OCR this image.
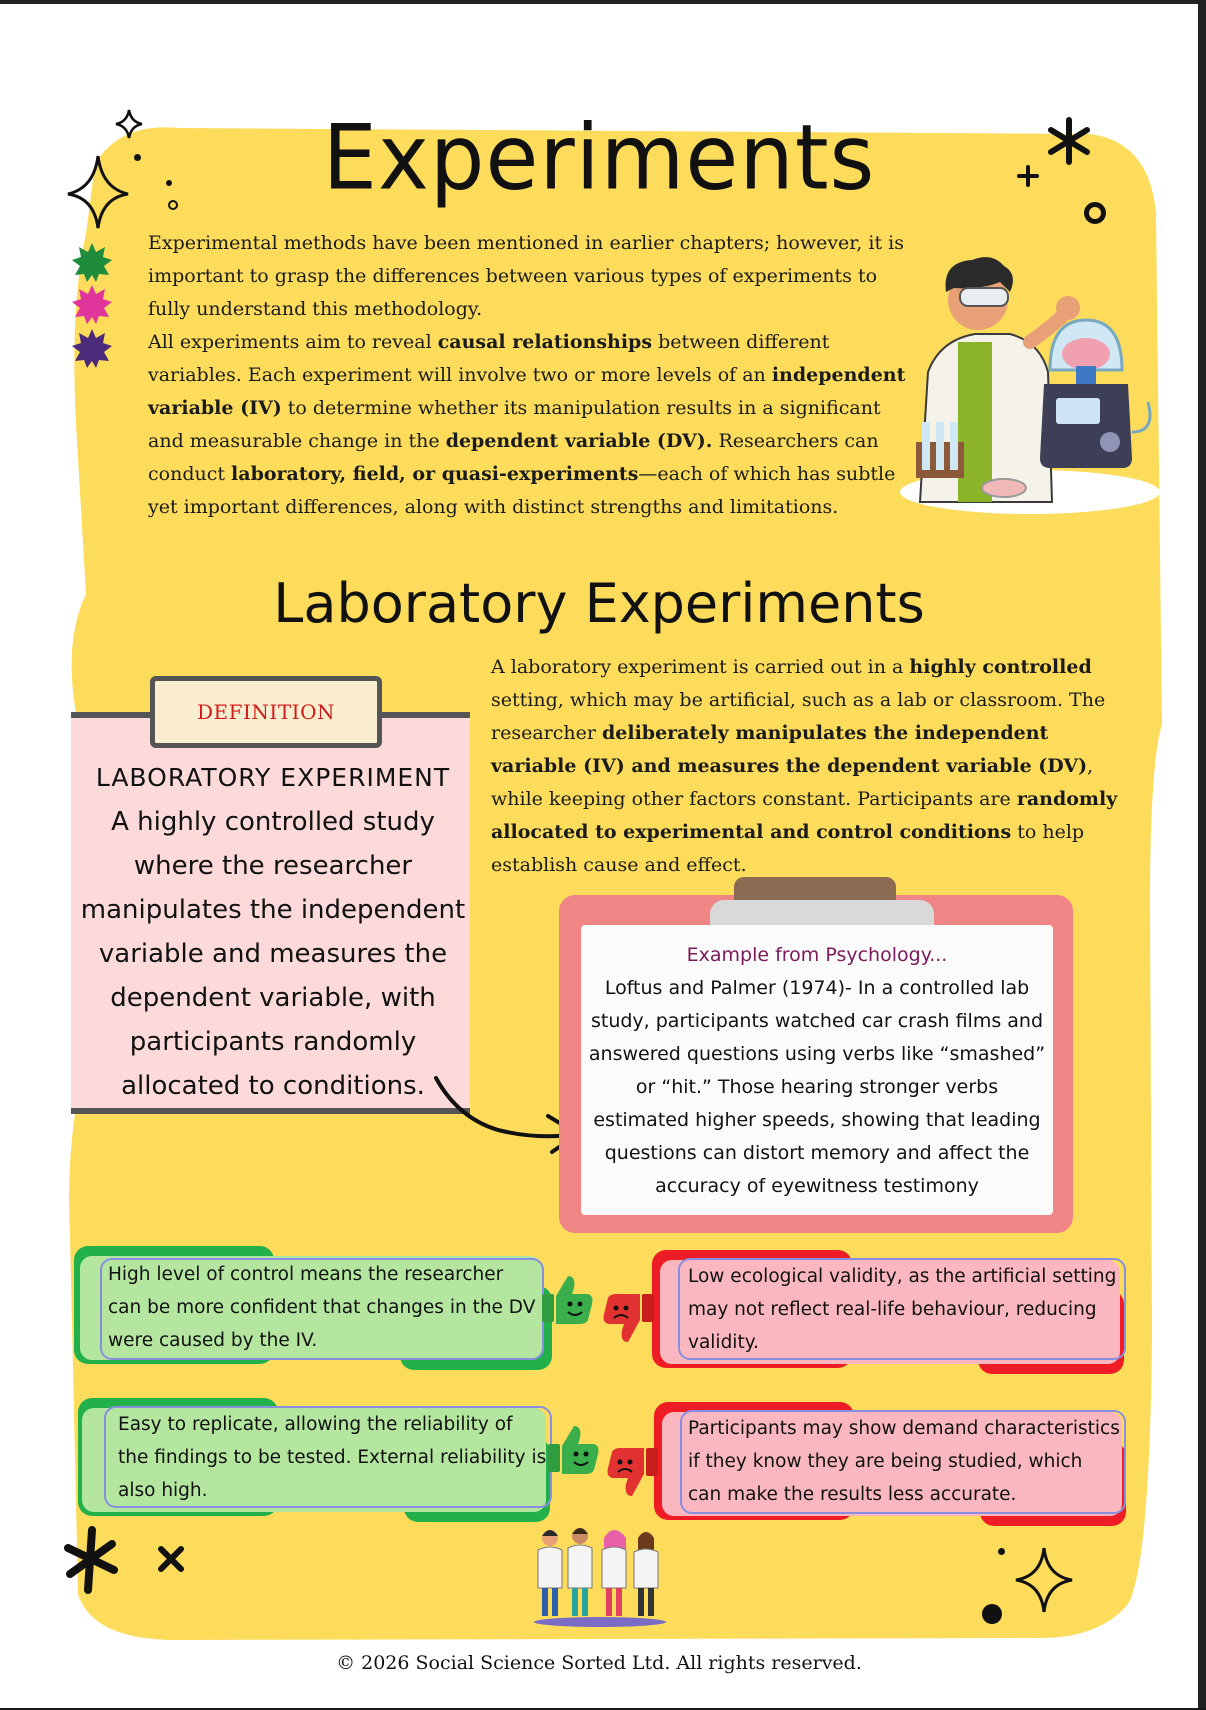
Experiments

Experimental methods have been mentioned in earlier chapters; however, it is important to grasp the differences between various types of experiments to fully understand this methodology.

All experiments aim to reveal causal relationships between different variables. Each experiment will involve two or more levels of an independent variable (IV) to determine whether its manipulation results in a significant and measurable change in the dependent variable (DV). Researchers can conduct laboratory, field, or quasi-experiments—each of which has subtle yet important differences, along with distinct strengths and limitations.

Laboratory Experiments
A laboratory experiment is carried out in a highly controlled setting, which may be artificial, such as a lab or classroom. The researcher deliberately manipulates the independent variable (IV) and measures the dependent variable (DV), while keeping other factors constant. Participants are randomly allocated to experimental and control conditions to help establish cause and effect.
DEFINITION
LABORATORY EXPERIMENT
A highly controlled study where the researcher manipulates the independent variable and measures the dependent variable, with participants randomly allocated to conditions.
Example from Psychology...
Loftus and Palmer (1974)- In a controlled lab study, participants watched car crash films and answered questions using verbs like “smashed” or “hit.” Those hearing stronger verbs estimated higher speeds, showing that leading questions can distort memory and affect the accuracy of eyewitness testimony
High level of control means the researcher can be more confident that changes in the DV were caused by the IV.
Easy to replicate, allowing the reliability of the findings to be tested. External reliability is also high.
Low ecological validity, as the artificial setting may not reflect real-life behaviour, reducing validity.
Participants may show demand characteristics if they know they are being studied, which can make the results less accurate.
© 2026 Social Science Sorted Ltd. All rights reserved.
